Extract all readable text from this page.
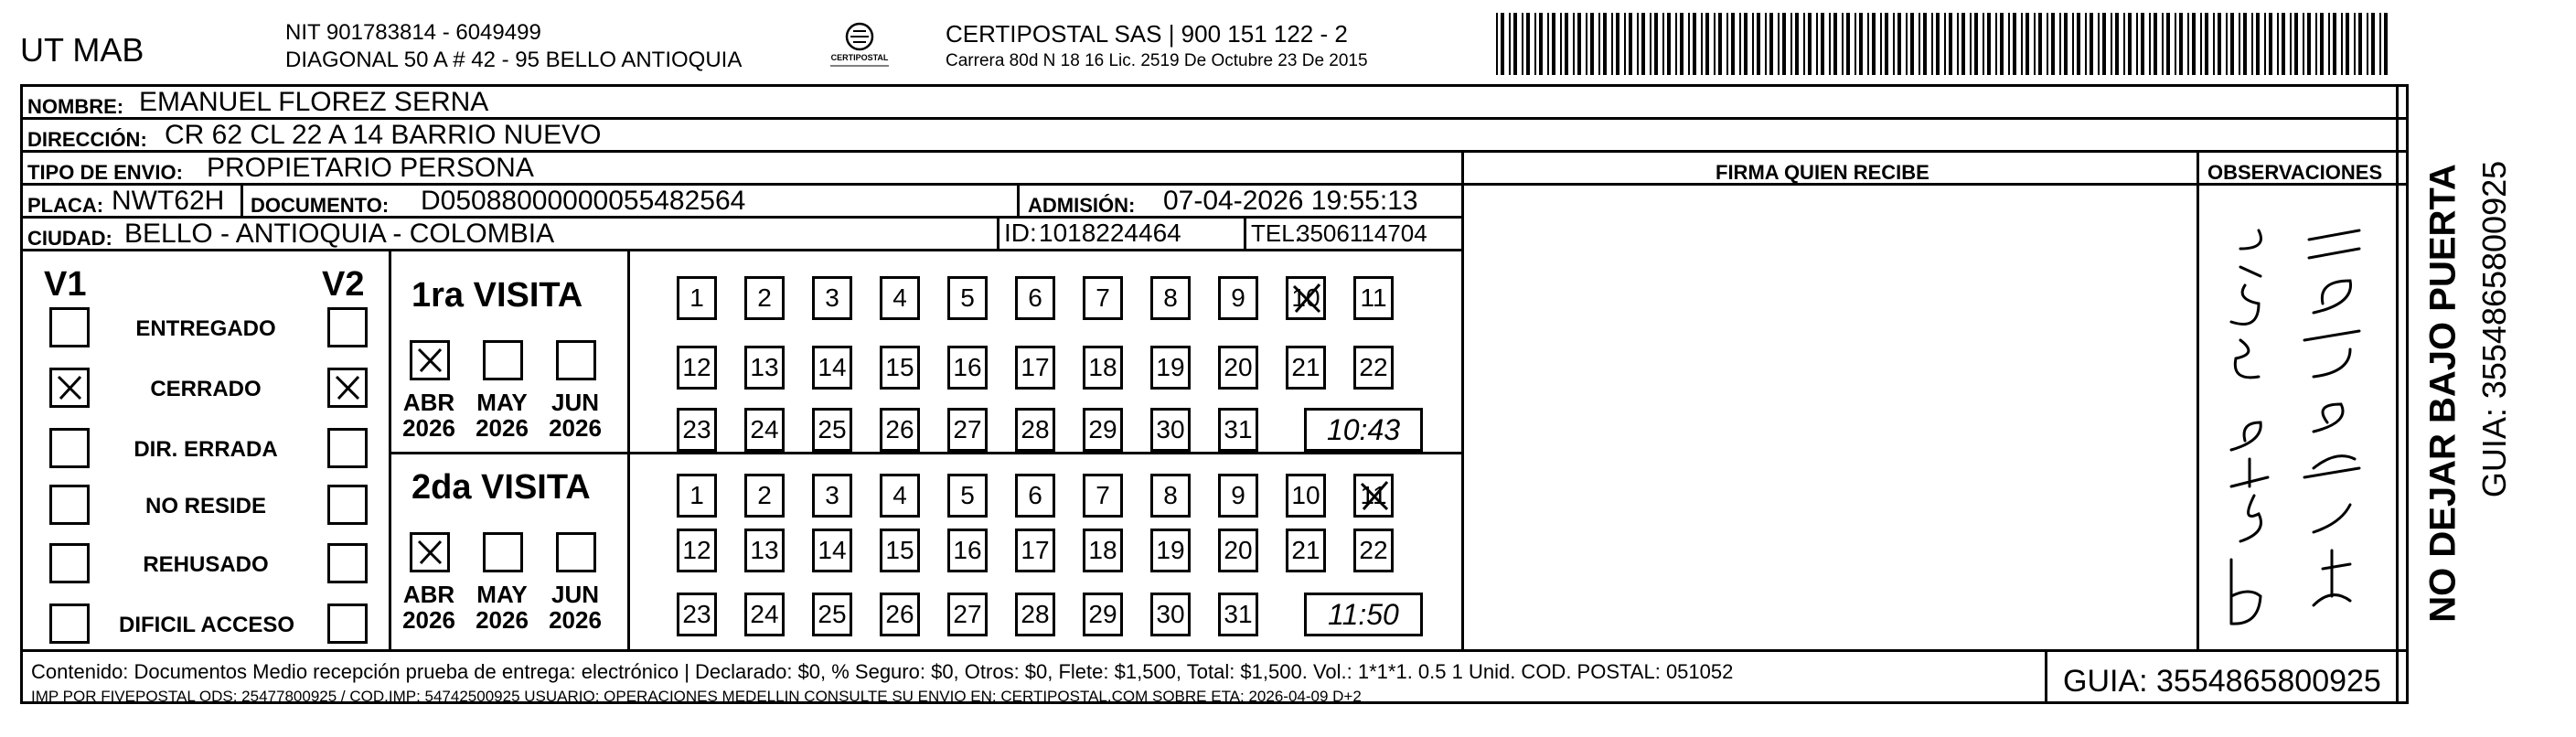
UT MAB	NIT 901783814 - 6049499
DIAGONAL 50 A # 42 - 95 BELLO ANTIOQUIA	CERTIPOSTAL
CERTIPOSTAL SAS | 900 151 122 - 2
Carrera 80d N 18 16 Lic. 2519 De Octubre 23 De 2015
NOMBRE: EMANUEL FLOREZ SERNA
DIRECCIÓN: CR 62 CL 22 A 14 BARRIO NUEVO
TIPO DE ENVIO: PROPIETARIO PERSONA	FIRMA QUIEN RECIBE	OBSERVACIONES
PLACA: NWT62H DOCUMENTO: D05088000000055482564	ADMISIÓN: 07-04-2026 19:55:13
CIUDAD: BELLO - ANTIOQUIA - COLOMBIA	ID: 1018224464	TEL:
3506114704
V1	V2
ENTREGADO
CERRADO
DIR. ERRADA
NO RESIDE
REHUSADO
DIFICIL ACCESO
1ra VISITA
ABR
2026
MAY
2026
JUN
2026
1	2	3	4	5	6	7	8	9	10 11
12 13 14 15 16 17 18 19 20 21 22
23 24 25 26 27 28 29 30 31	10:43
2da VISITA
ABR
2026
MAY
2026
JUN
2026
1	2	3	4	5	6	7	8	9	10 11
12 13 14 15 16 17 18 19 20 21 22
23 24 25 26 27 28 29 30 31	11:50	NO DEJAR BAJO PUERTA GUIA: 3554865800925
Contenido: Documentos Medio recepción prueba de entrega: electrónico | Declarado: $0, % Seguro: $0, Otros: $0, Flete: $1,500, Total: $1,500. Vol.: 1*1*1. 0.5 1 Unid. COD. POSTAL: 051052
IMP POR FIVEPOSTAL ODS: 25477800925 / COD.IMP: 54742500925 USUARIO: OPERACIONES MEDELLIN CONSULTE SU ENVIO EN: CERTIPOSTAL.COM SOBRE ETA: 2026-04-09 D+2	GUIA: 3554865800925
